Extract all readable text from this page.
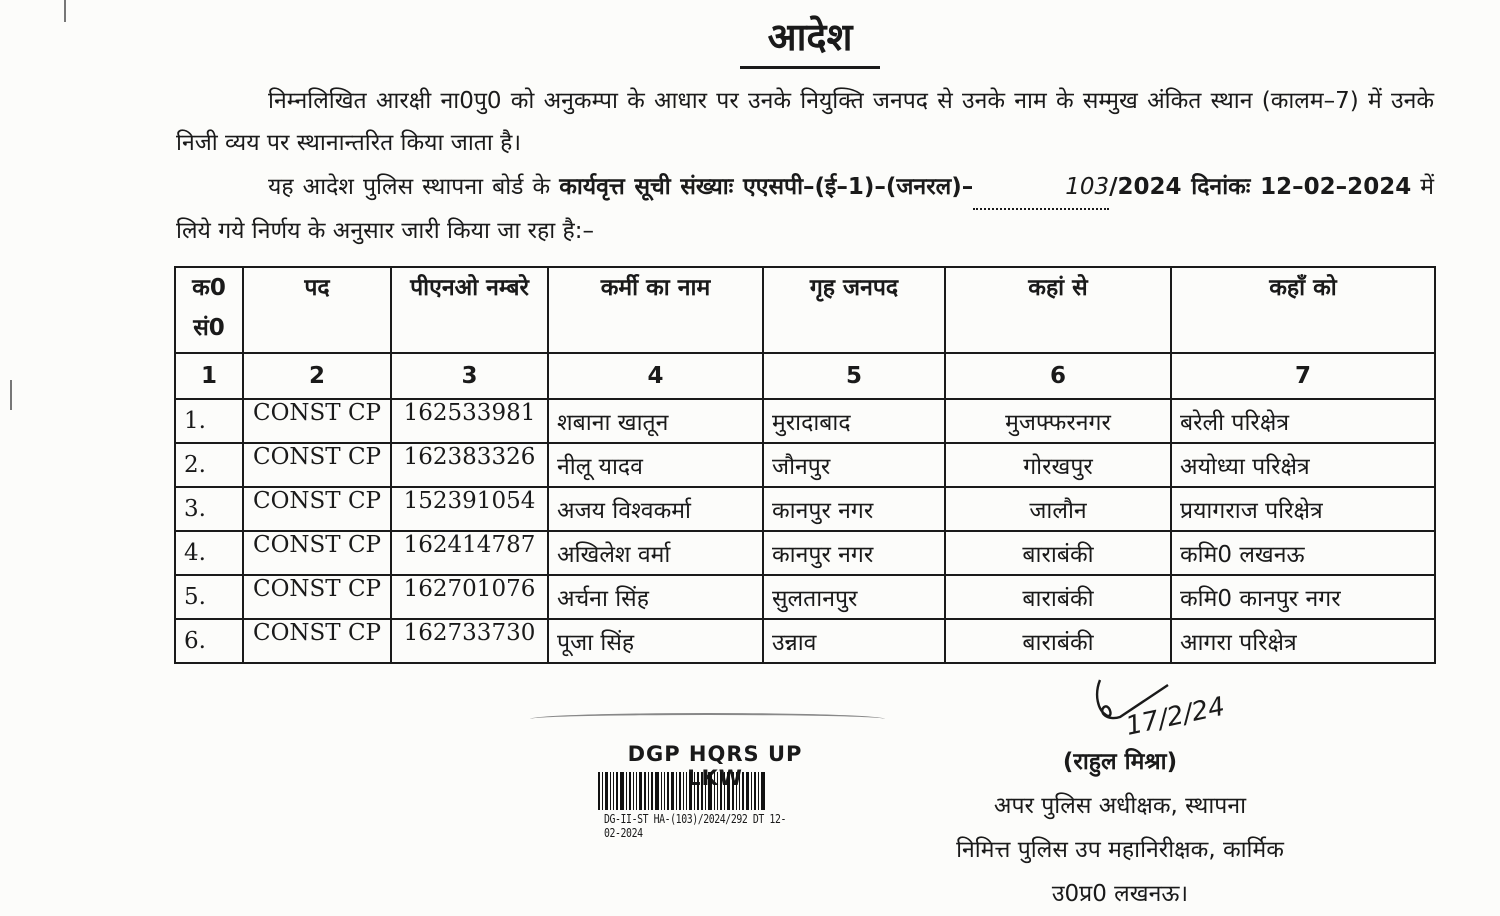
आदेश
निम्नलिखित आरक्षी ना0पु0 को अनुकम्पा के आधार पर उनके नियुक्ति जनपद से उनके नाम के सम्मुख अंकित स्थान (कालम–7) में उनके निजी व्यय पर स्थानान्तरित किया जाता है।
यह आदेश पुलिस स्थापना बोर्ड के कार्यवृत्त सूची संख्याः एएसपी–(ई–1)–(जनरल)–	103/2024 दिनांकः 12–02–2024 में लिये गये निर्णय के अनुसार जारी किया जा रहा है:–
क0 सं0	पद	पीएनओ नम्बरे	कर्मी का नाम	गृह जनपद	कहां से	कहाँ को
1	2	3	4	5	6	7
1.	CONST CP	162533981	शबाना खातून	मुरादाबाद	मुजफ्फरनगर	बरेली परिक्षेत्र
2.	CONST CP	162383326	नीलू यादव	जौनपुर	गोरखपुर	अयोध्या परिक्षेत्र
3.	CONST CP	152391054	अजय विश्वकर्मा	कानपुर नगर	जालौन	प्रयागराज परिक्षेत्र
4.	CONST CP	162414787	अखिलेश वर्मा	कानपुर नगर	बाराबंकी	कमि0 लखनऊ
5.	CONST CP	162701076	अर्चना सिंह	सुलतानपुर	बाराबंकी	कमि0 कानपुर नगर
6.	CONST CP	162733730	पूजा सिंह	उन्नाव	बाराबंकी	आगरा परिक्षेत्र
DGP HQRS UP
DG-II-ST HA-(103)/2024/292 DT 12-02-2024
17/2/24
(राहुल मिश्रा)
अपर पुलिस अधीक्षक, स्थापना
निमित्त पुलिस उप महानिरीक्षक, कार्मिक
उ0प्र0 लखनऊ।
